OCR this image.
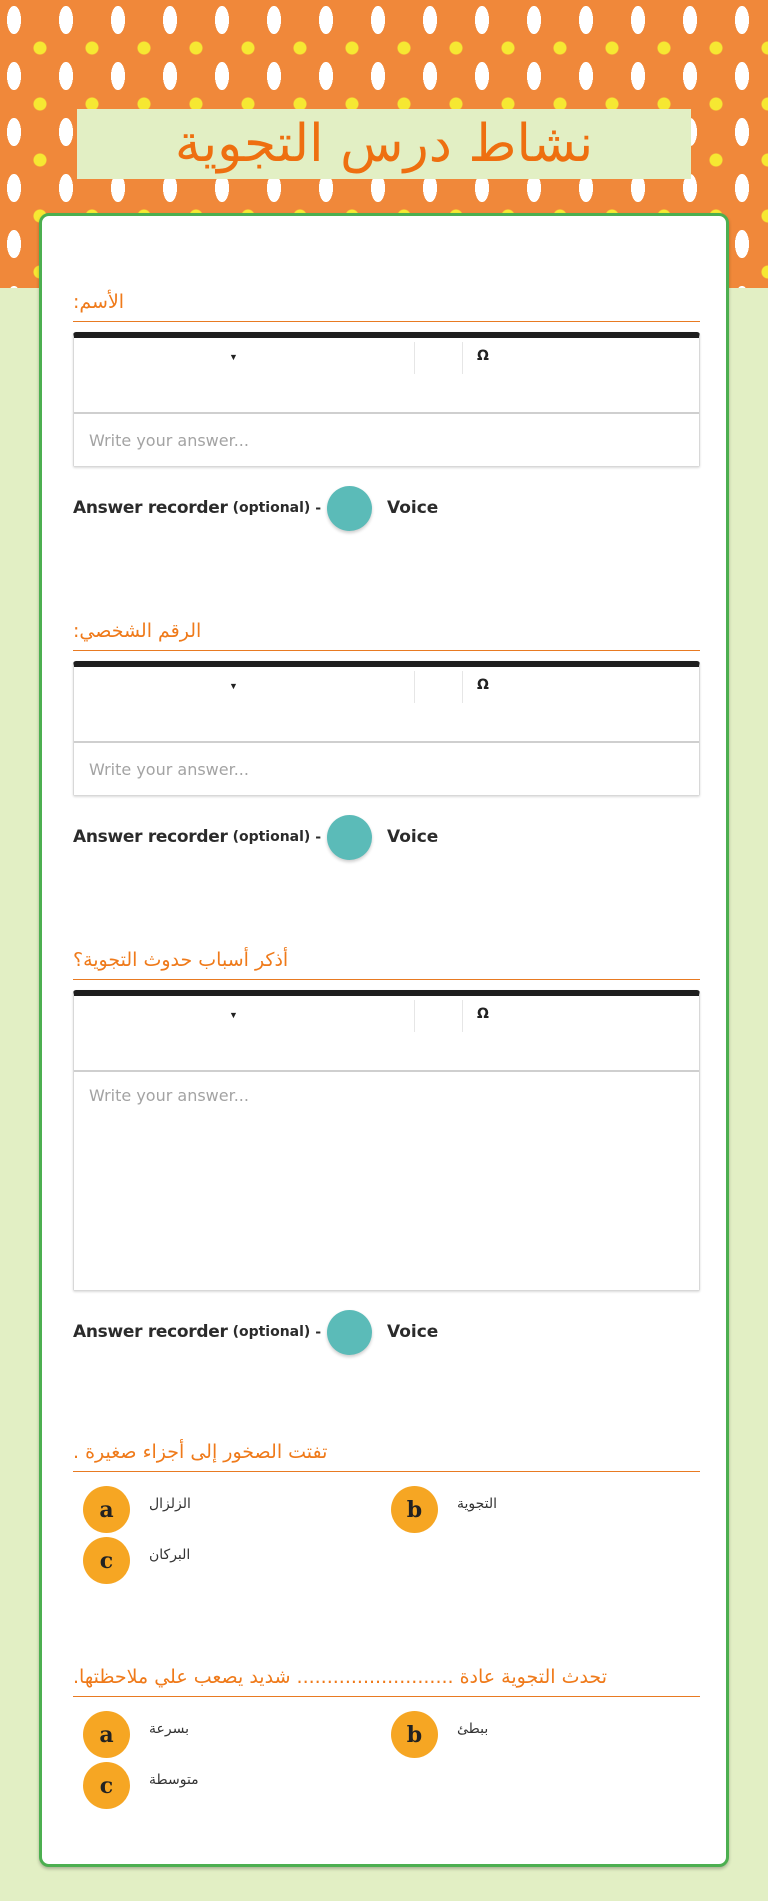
نشاط درس التجوية
الأسم:
▼	Ω
Write your answer...
Answer recorder (optional) -	Voice
الرقم الشخصي:
▼	Ω
Write your answer...
Answer recorder (optional) -	Voice
أذكر أسباب حدوث التجوية؟
▼	Ω
Write your answer...
Answer recorder (optional) -	Voice
تفتت الصخور إلى أجزاء صغيرة .
a	الزلزال	b	التجوية
c	البركان
تحدث التجوية عادة .......................... شديد يصعب علي ملاحظتها.
a	بسرعة	b	ببطئ
c	متوسطة
